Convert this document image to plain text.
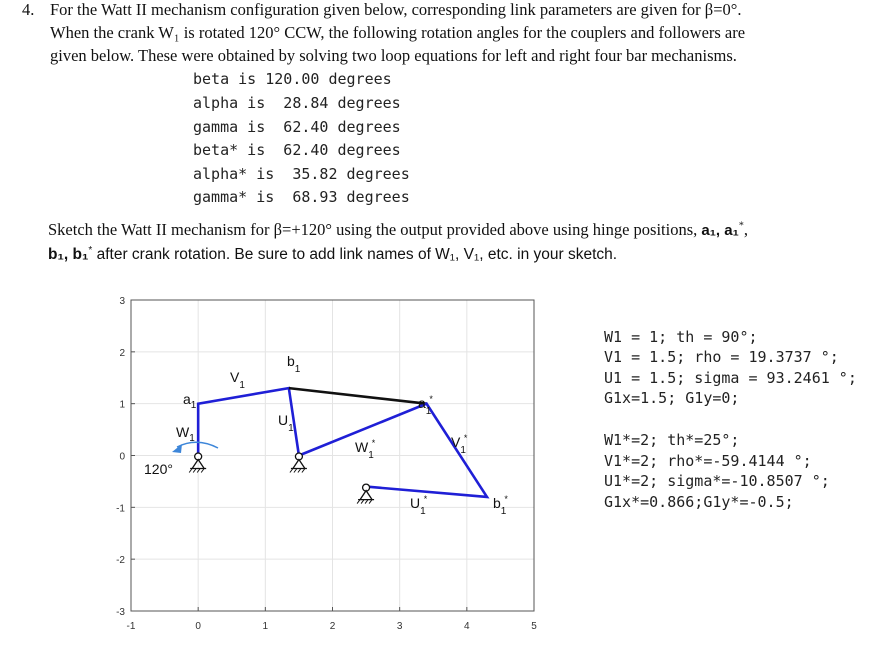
4. For the Watt II mechanism configuration given below, corresponding link parameters are given for β=0°.
When the crank W₁ is rotated 120° CCW, the following rotation angles for the couplers and followers are
given below. These were obtained by solving two loop equations for left and right four bar mechanisms.
beta is 120.00 degrees
alpha is  28.84 degrees
gamma is  62.40 degrees
beta* is  62.40 degrees
alpha* is  35.82 degrees
gamma* is  68.93 degrees
Sketch the Watt II mechanism for β=+120° using the output provided above using hinge positions, a₁, a₁*,
b₁, b₁* after crank rotation. Be sure to add link names of W₁, V₁, etc. in your sketch.
-1	0	1	2	3	4	5
3
2
1
0
-1
-2
-3
$a_1$
$W_1$
$V_1$
$b_1$
$U_1$
$W_1*$
$a_1*$
$V_1*$
$U_1*$	$b_1*$
120°
W1 = 1; th = 90°;
V1 = 1.5; rho = 19.3737 °;
U1 = 1.5; sigma = 93.2461 °;
G1x=1.5; G1y=0;
W1*=2; th*=25°;
V1*=2; rho*=-59.4144 °;
U1*=2; sigma*=-10.8507 °;
G1x*=0.866;G1y*=-0.5;
